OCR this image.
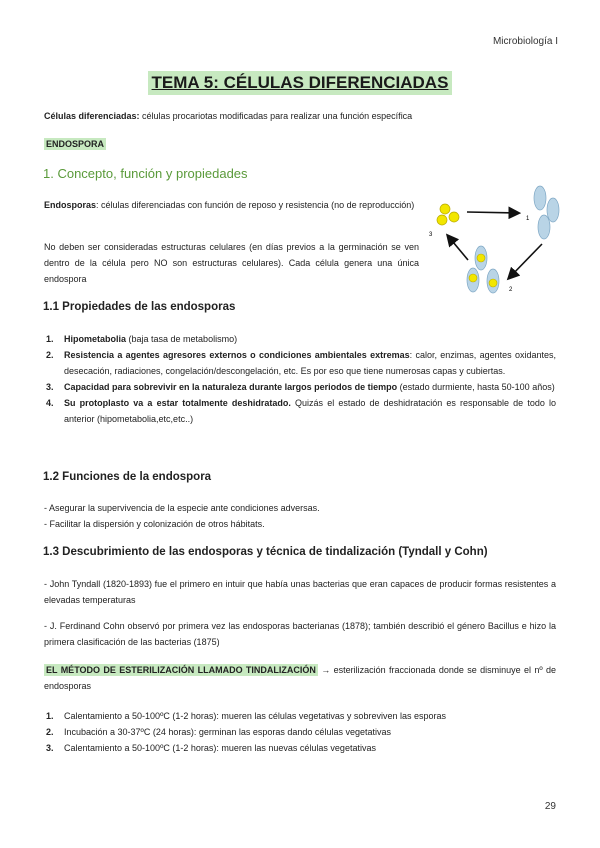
Microbiología I
TEMA 5: CÉLULAS DIFERENCIADAS
Células diferenciadas: células procariotas modificadas para realizar una función específica
ENDOSPORA
1. Concepto, función y propiedades
Endosporas: células diferenciadas con función de reposo y resistencia (no de reproducción)
No deben ser consideradas estructuras celulares (en días previos a la germinación se ven dentro de la célula pero NO son estructuras celulares). Cada célula genera una única endospora
3
1
2
1.1 Propiedades de las endosporas
1. Hipometabolia (baja tasa de metabolismo)
2. Resistencia a agentes agresores externos o condiciones ambientales extremas: calor, enzimas, agentes oxidantes, desecación, radiaciones, congelación/descongelación, etc. Es por eso que tiene numerosas capas y cubiertas.
3. Capacidad para sobrevivir en la naturaleza durante largos periodos de tiempo (estado durmiente, hasta 50-100 años)
4. Su protoplasto va a estar totalmente deshidratado. Quizás el estado de deshidratación es responsable de todo lo anterior (hipometabolia,etc,etc..)
1.2 Funciones de la endospora
- Asegurar la supervivencia de la especie ante condiciones adversas.
- Facilitar la dispersión y colonización de otros hábitats.
1.3 Descubrimiento de las endosporas y técnica de tindalización (Tyndall y Cohn)
- John Tyndall (1820-1893) fue el primero en intuir que había unas bacterias que eran capaces de producir formas resistentes a elevadas temperaturas
- J. Ferdinand Cohn observó por primera vez las endosporas bacterianas (1878); también describió el género Bacillus e hizo la primera clasificación de las bacterias (1875)
EL MÉTODO DE ESTERILIZACIÓN LLAMADO TINDALIZACIÓN → esterilización fraccionada donde se disminuye el nº de endosporas
1. Calentamiento a 50-100ºC (1-2 horas): mueren las células vegetativas y sobreviven las esporas
2. Incubación a 30-37ºC (24 horas): germinan las esporas dando células vegetativas
3. Calentamiento a 50-100ºC (1-2 horas): mueren las nuevas células vegetativas
29
